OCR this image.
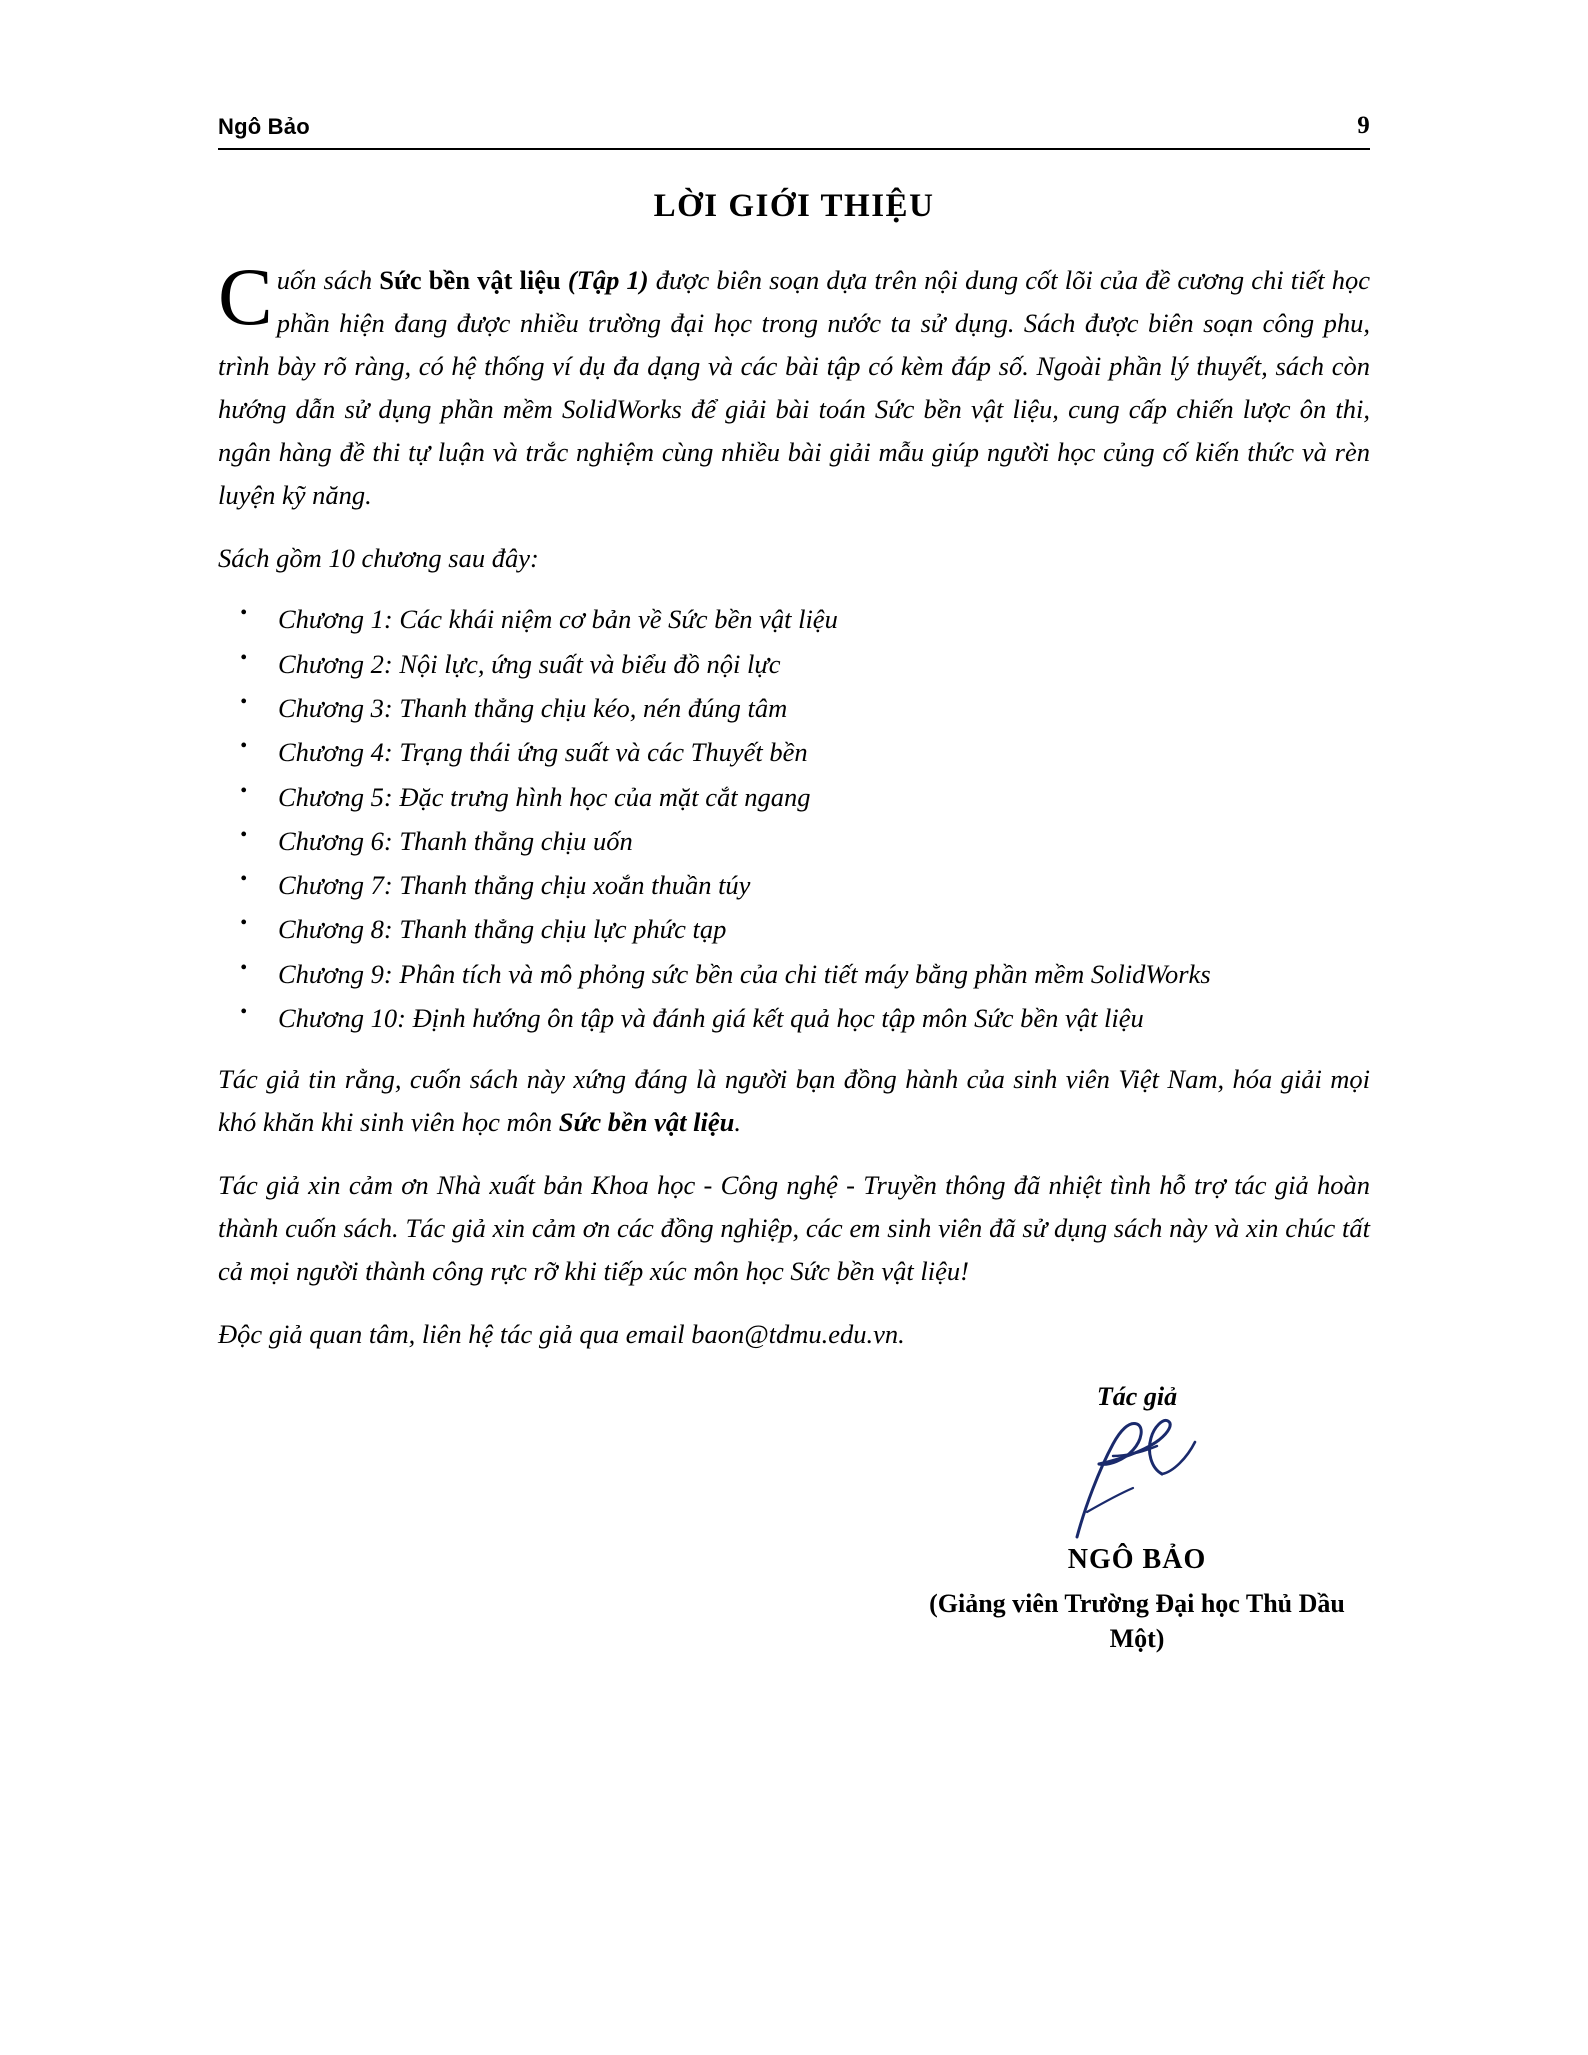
Ngô Bảo	9
LỜI GIỚI THIỆU

Cuốn sách Sức bền vật liệu (Tập 1) được biên soạn dựa trên nội dung cốt lõi của đề cương chi tiết học phần hiện đang được nhiều trường đại học trong nước ta sử dụng. Sách được biên soạn công phu, trình bày rõ ràng, có hệ thống ví dụ đa dạng và các bài tập có kèm đáp số. Ngoài phần lý thuyết, sách còn hướng dẫn sử dụng phần mềm SolidWorks để giải bài toán Sức bền vật liệu, cung cấp chiến lược ôn thi, ngân hàng đề thi tự luận và trắc nghiệm cùng nhiều bài giải mẫu giúp người học củng cố kiến thức và rèn luyện kỹ năng.

Sách gồm 10 chương sau đây:

• Chương 1: Các khái niệm cơ bản về Sức bền vật liệu
• Chương 2: Nội lực, ứng suất và biểu đồ nội lực
• Chương 3: Thanh thẳng chịu kéo, nén đúng tâm
• Chương 4: Trạng thái ứng suất và các Thuyết bền
• Chương 5: Đặc trưng hình học của mặt cắt ngang
• Chương 6: Thanh thẳng chịu uốn
• Chương 7: Thanh thẳng chịu xoắn thuần túy
• Chương 8: Thanh thẳng chịu lực phức tạp
• Chương 9: Phân tích và mô phỏng sức bền của chi tiết máy bằng phần mềm SolidWorks
• Chương 10: Định hướng ôn tập và đánh giá kết quả học tập môn Sức bền vật liệu

Tác giả tin rằng, cuốn sách này xứng đáng là người bạn đồng hành của sinh viên Việt Nam, hóa giải mọi khó khăn khi sinh viên học môn Sức bền vật liệu.

Tác giả xin cảm ơn Nhà xuất bản Khoa học - Công nghệ - Truyền thông đã nhiệt tình hỗ trợ tác giả hoàn thành cuốn sách. Tác giả xin cảm ơn các đồng nghiệp, các em sinh viên đã sử dụng sách này và xin chúc tất cả mọi người thành công rực rỡ khi tiếp xúc môn học Sức bền vật liệu!

Độc giả quan tâm, liên hệ tác giả qua email baon@tdmu.edu.vn.

Tác giả
NGÔ BẢO
(Giảng viên Trường Đại học Thủ Dầu Một)
